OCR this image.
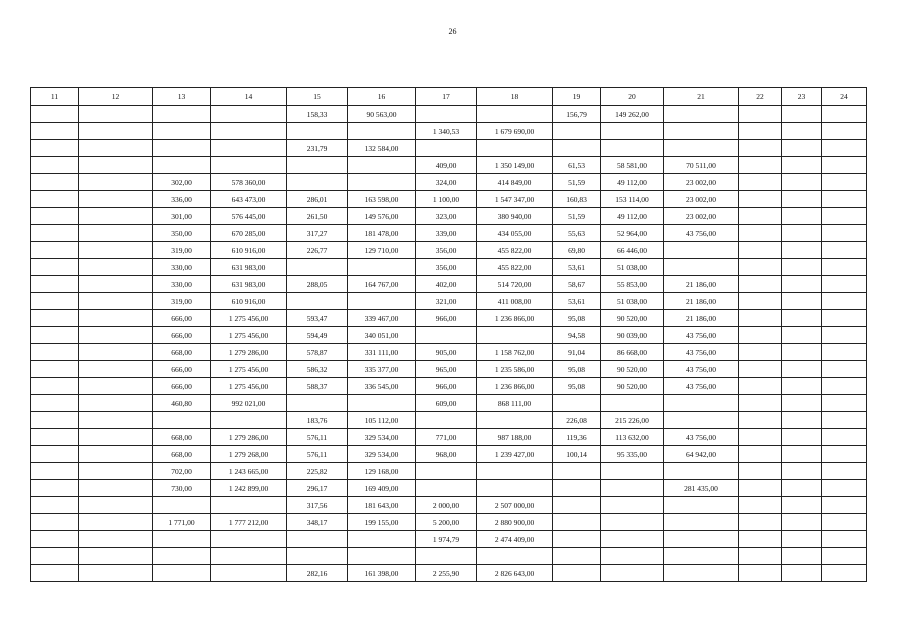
26
11	12	13	14	15	16	17	18	19	20	21	22	23	24
				158,33	90 563,00			156,79	149 262,00				
						1 340,53	1 679 690,00						
				231,79	132 584,00								
						409,00	1 350 149,00	61,53	58 581,00	70 511,00			
		302,00	578 360,00			324,00	414 849,00	51,59	49 112,00	23 002,00			
		336,00	643 473,00	286,01	163 598,00	1 100,00	1 547 347,00	160,83	153 114,00	23 002,00			
		301,00	576 445,00	261,50	149 576,00	323,00	380 940,00	51,59	49 112,00	23 002,00			
		350,00	670 285,00	317,27	181 478,00	339,00	434 055,00	55,63	52 964,00	43 756,00			
		319,00	610 916,00	226,77	129 710,00	356,00	455 822,00	69,80	66 446,00				
		330,00	631 983,00			356,00	455 822,00	53,61	51 038,00				
		330,00	631 983,00	288,05	164 767,00	402,00	514 720,00	58,67	55 853,00	21 186,00			
		319,00	610 916,00			321,00	411 008,00	53,61	51 038,00	21 186,00			
		666,00	1 275 456,00	593,47	339 467,00	966,00	1 236 866,00	95,08	90 520,00	21 186,00			
		666,00	1 275 456,00	594,49	340 051,00			94,58	90 039,00	43 756,00			
		668,00	1 279 286,00	578,87	331 111,00	905,00	1 158 762,00	91,04	86 668,00	43 756,00			
		666,00	1 275 456,00	586,32	335 377,00	965,00	1 235 586,00	95,08	90 520,00	43 756,00			
		666,00	1 275 456,00	588,37	336 545,00	966,00	1 236 866,00	95,08	90 520,00	43 756,00			
		460,80	992 021,00			609,00	868 111,00						
				183,76	105 112,00			226,08	215 226,00				
		668,00	1 279 286,00	576,11	329 534,00	771,00	987 188,00	119,36	113 632,00	43 756,00			
		668,00	1 279 268,00	576,11	329 534,00	968,00	1 239 427,00	100,14	95 335,00	64 942,00			
		702,00	1 243 665,00	225,82	129 168,00								
		730,00	1 242 899,00	296,17	169 409,00					281 435,00			
				317,56	181 643,00	2 000,00	2 507 000,00						
		1 771,00	1 777 212,00	348,17	199 155,00	5 200,00	2 880 900,00						
						1 974,79	2 474 409,00						

				282,16	161 398,00	2 255,90	2 826 643,00						
